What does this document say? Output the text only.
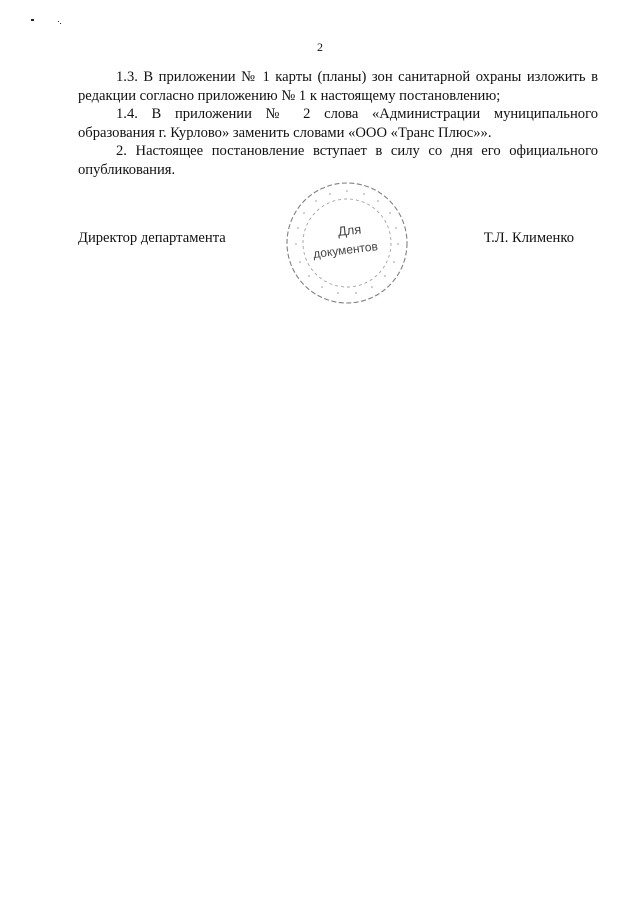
2

1.3. В приложении № 1 карты (планы) зон санитарной охраны изложить в редакции согласно приложению № 1 к настоящему постановлению;

1.4. В приложении № 2 слова «Администрации муниципального образования г. Курлово» заменить словами «ООО «Транс Плюс»».

2. Настоящее постановление вступает в силу со дня его официального опубликования.

Директор департамента	Т.Л. Клименко
Для
документов
